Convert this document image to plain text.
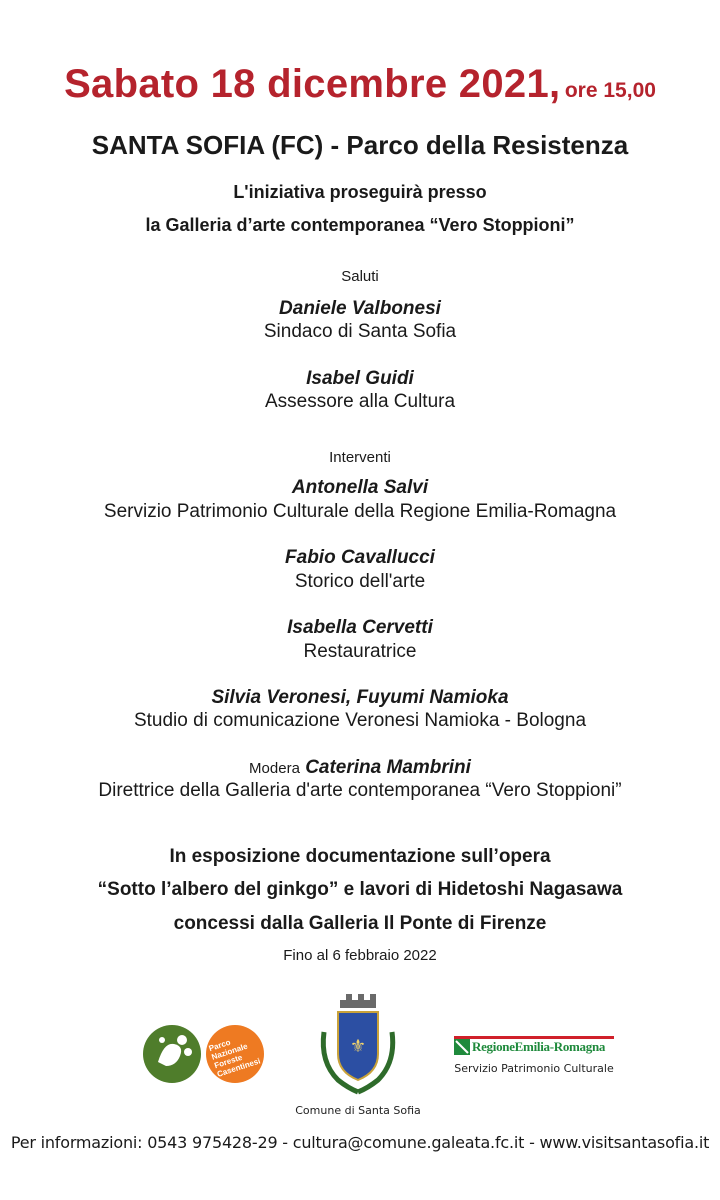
Sabato 18 dicembre 2021, ore 15,00
SANTA SOFIA (FC) - Parco della Resistenza
L'iniziativa proseguirà presso
la Galleria d’arte contemporanea “Vero Stoppioni”
Saluti
Daniele Valbonesi
Sindaco di Santa Sofia
Isabel Guidi
Assessore alla Cultura
Interventi
Antonella Salvi
Servizio Patrimonio Culturale della Regione Emilia-Romagna
Fabio Cavallucci
Storico dell'arte
Isabella Cervetti
Restauratrice
Silvia Veronesi, Fuyumi Namioka
Studio di comunicazione Veronesi Namioka - Bologna
Modera Caterina Mambrini
Direttrice della Galleria d'arte contemporanea “Vero Stoppioni”
In esposizione documentazione sull’opera
“Sotto l’albero del ginkgo” e lavori di Hidetoshi Nagasawa
concessi dalla Galleria Il Ponte di Firenze
Fino al 6 febbraio 2022
Parco Nazionale Foreste Casentinesi
⚜
Comune di Santa Sofia
RegioneEmilia-Romagna
Servizio Patrimonio Culturale
Per informazioni: 0543 975428-29 - cultura@comune.galeata.fc.it - www.visitsantasofia.it
